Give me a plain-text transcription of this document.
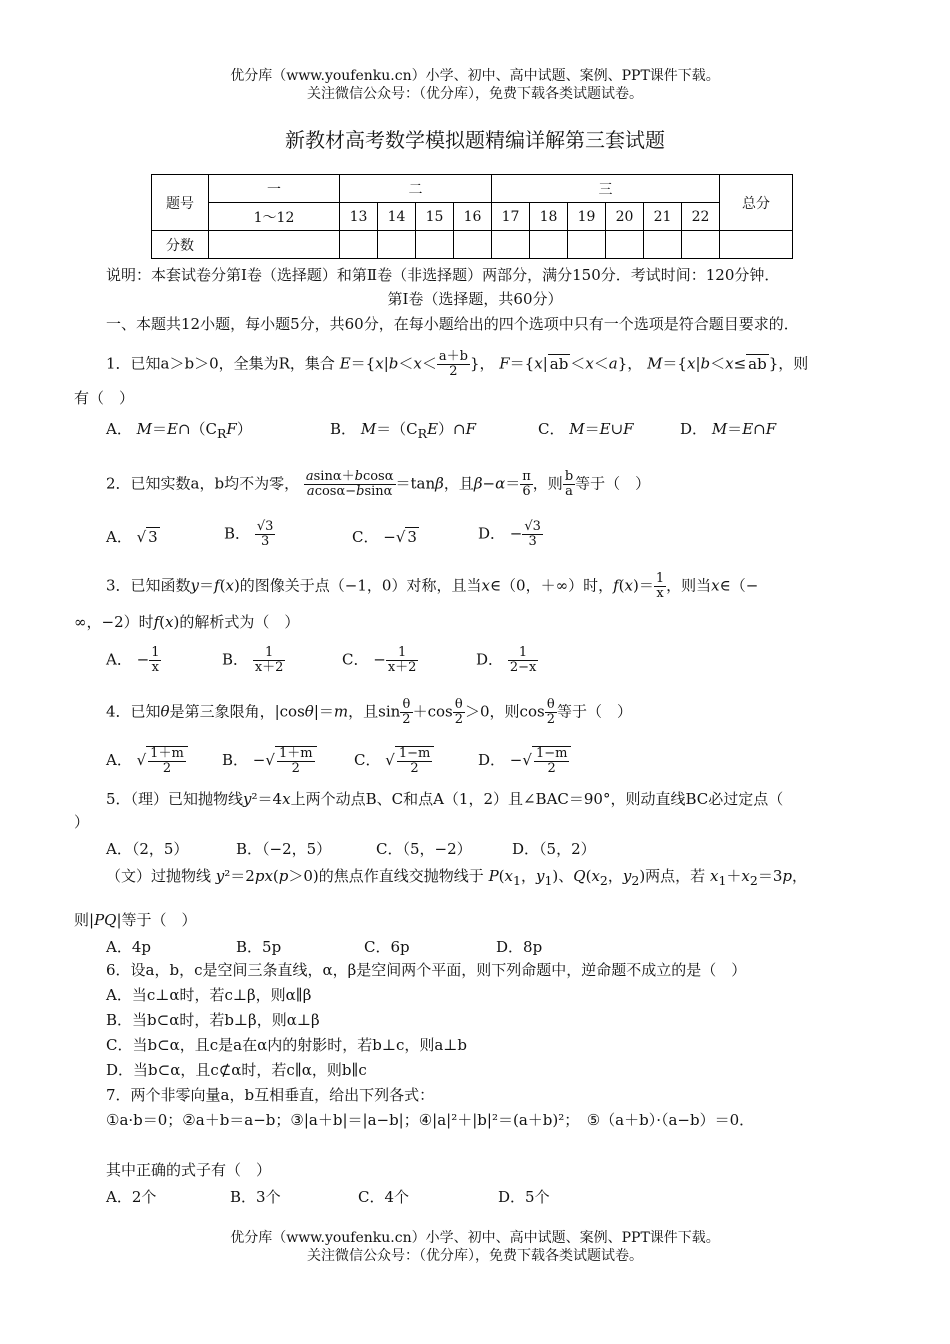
优分库（www.youfenku.cn）小学、初中、高中试题、案例、PPT课件下载。
关注微信公众号：（优分库），免费下载各类试题试卷。
新教材高考数学模拟题精编详解第三套试题
题号	一	二				三						总分
	1～12	13	14	15	16	17	18	19	20	21	22	
分数												
说明：本套试卷分第Ⅰ卷（选择题）和第Ⅱ卷（非选择题）两部分，满分150分．考试时间：120分钟．
第Ⅰ卷（选择题，共60分）
一、本题共12小题，每小题5分，共60分，在每小题给出的四个选项中只有一个选项是符合题目要求的．
1．已知a＞b＞0，全集为R，集合 $E=\{x|b<x< \frac{a+b}{2}$ }， F＝{x| ab ＜x＜a}， M＝{x|b＜x≤ ab }，则
有（　）
A． $M=E\cap(C_RF)$	B． $M=(C_RE)\cap F$	C． M＝E∪F	D． M＝E∩F
2．已知实数a，b均不为零， $\frac{asin\alpha+bcos\alpha}{acos\alpha-bsin\alpha} =\tan\beta$，且$\beta-\alpha= \frac{\pi}{6}$ ，则 $\frac{b}{a}$ 等于（　）
A． √ 3	B． $\frac{√3}{3}$	C． −√ 3	D． − $\frac{√3}{3}$
3．已知函数y＝f(x)的图像关于点（−1，0）对称，且当x∈（0，＋∞）时，$f(x)= \frac{1}{x}$ ，则当x∈（−
∞，−2）时f(x)的解析式为（　）
A． − $\frac{1}{x}$	B． $\frac{1}{x+2}$	C． − $\frac{1}{x+2}$	D． $\frac{1}{2-x}$
4．已知θ是第三象限角，|cosθ|＝m，且$\sin \frac{\theta}{2} +\cos \frac{\theta}{2} >0$，则$\cos \frac{\theta}{2}$ 等于（　）
A． √ $\frac{1+m}{2}$ B． −√ $\frac{1+m}{2}$ C． √ $\frac{1-m}{2}$	D． −√ $\frac{1-m}{2}$
5．（理）已知抛物线y²＝4x上两个动点B、C和点A（1，2）且∠BAC＝90°，则动直线BC必过定点（
）
A．（2，5）	B．（−2，5）	C．（5，−2）	D．（5，2）
（文）过抛物线 y²＝2px(p＞0)的焦点作直线交抛物线于 $P(x_1$，$y_1$)、$Q(x_2$，$y_2$)两点，若 $x_1+x_2=3p$，
则|PQ|等于（　）
A．4p	B．5p	C．6p	D．8p
6．设a，b，c是空间三条直线，α，β是空间两个平面，则下列命题中，逆命题不成立的是（　）
A．当c⊥α时，若c⊥β，则α∥β
B．当b⊂α时，若b⊥β，则α⊥β
C．当b⊂α，且c是a在α内的射影时，若b⊥c，则a⊥b
D．当b⊂α，且c⊄α时，若c∥α，则b∥c
7．两个非零向量a，b互相垂直，给出下列各式：
①a·b＝0；②a＋b＝a−b；③|a＋b|＝|a−b|；④|a|²＋|b|²＝(a＋b)²；　⑤（a＋b）·（a−b）＝0．
其中正确的式子有（　）
A．2个	B．3个	C．4个	D．5个
优分库（www.youfenku.cn）小学、初中、高中试题、案例、PPT课件下载。
关注微信公众号：（优分库），免费下载各类试题试卷。
